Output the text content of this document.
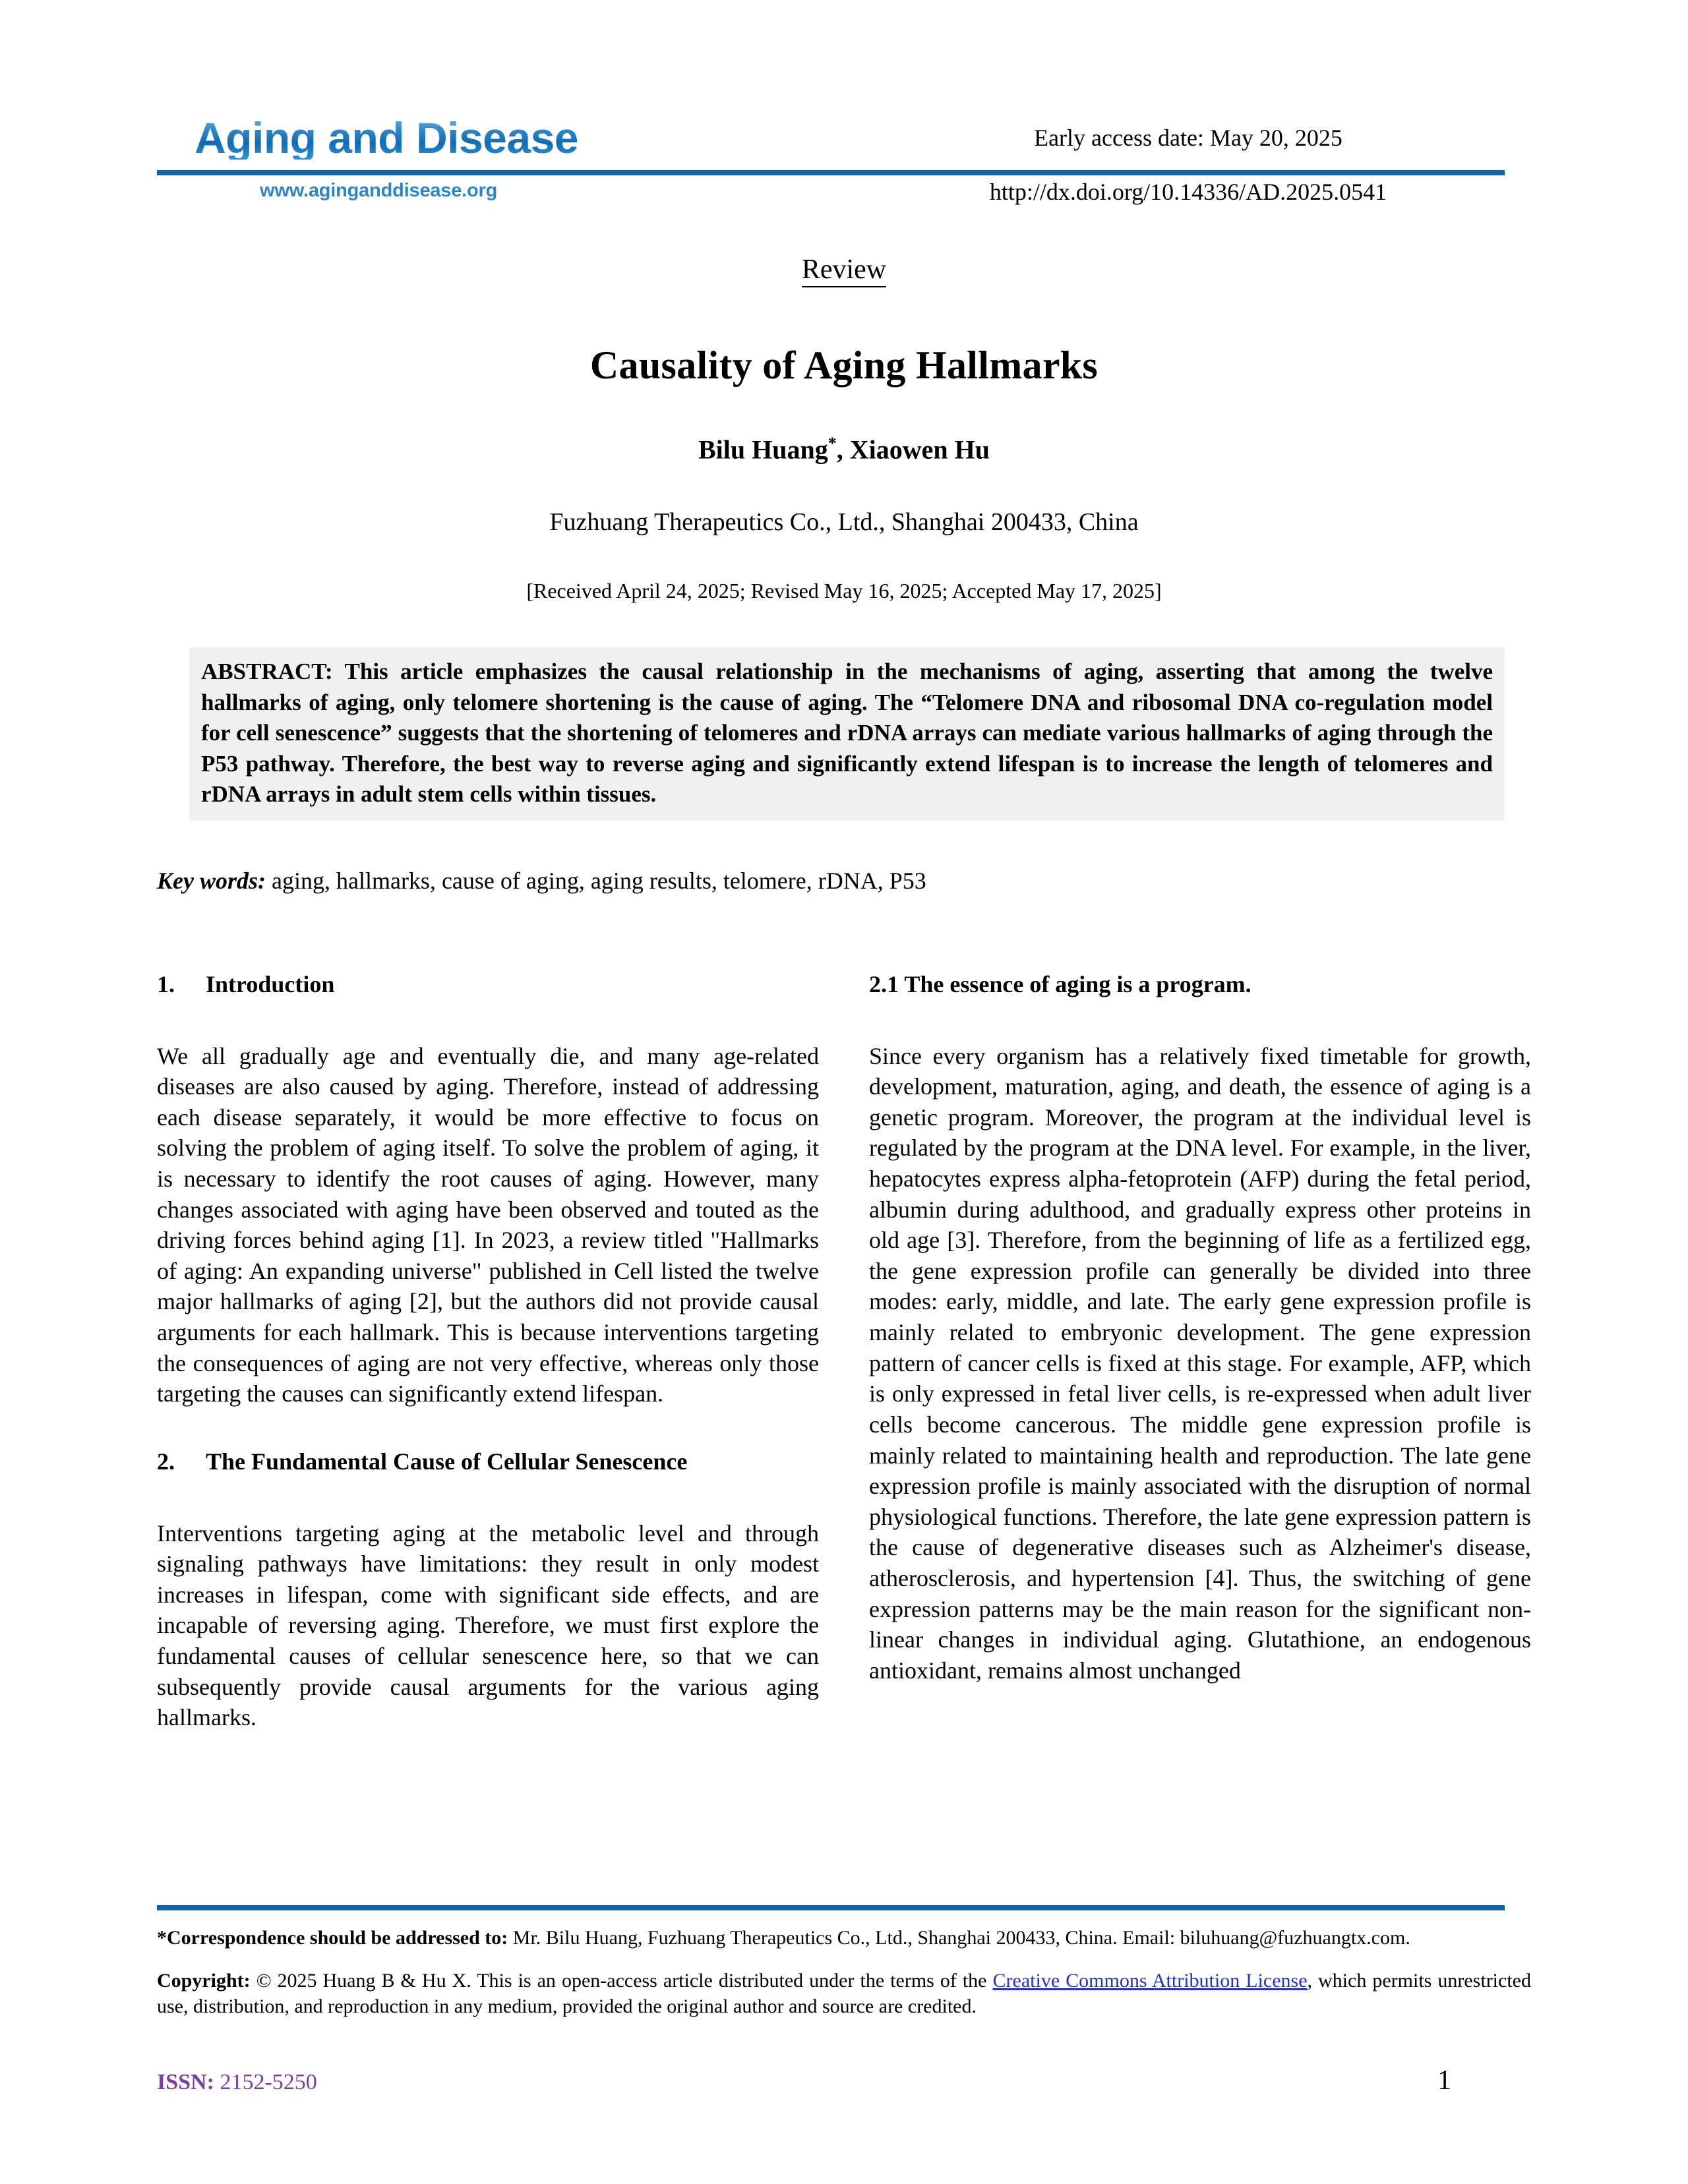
Aging and Disease
www.aginganddisease.org
Early access date: May 20, 2025
http://dx.doi.org/10.14336/AD.2025.0541
Review
Causality of Aging Hallmarks
Bilu Huang*, Xiaowen Hu
Fuzhuang Therapeutics Co., Ltd., Shanghai 200433, China
[Received April 24, 2025; Revised May 16, 2025; Accepted May 17, 2025]
ABSTRACT: This article emphasizes the causal relationship in the mechanisms of aging, asserting that among the twelve hallmarks of aging, only telomere shortening is the cause of aging. The “Telomere DNA and ribosomal DNA co-regulation model for cell senescence” suggests that the shortening of telomeres and rDNA arrays can mediate various hallmarks of aging through the P53 pathway. Therefore, the best way to reverse aging and significantly extend lifespan is to increase the length of telomeres and rDNA arrays in adult stem cells within tissues.
Key words: aging, hallmarks, cause of aging, aging results, telomere, rDNA, P53
1. Introduction

We all gradually age and eventually die, and many age-related diseases are also caused by aging. Therefore, instead of addressing each disease separately, it would be more effective to focus on solving the problem of aging itself. To solve the problem of aging, it is necessary to identify the root causes of aging. However, many changes associated with aging have been observed and touted as the driving forces behind aging [1]. In 2023, a review titled "Hallmarks of aging: An expanding universe" published in Cell listed the twelve major hallmarks of aging [2], but the authors did not provide causal arguments for each hallmark. This is because interventions targeting the consequences of aging are not very effective, whereas only those targeting the causes can significantly extend lifespan.

2. The Fundamental Cause of Cellular Senescence

Interventions targeting aging at the metabolic level and through signaling pathways have limitations: they result in only modest increases in lifespan, come with significant side effects, and are incapable of reversing aging. Therefore, we must first explore the fundamental causes of cellular senescence here, so that we can subsequently provide causal arguments for the various aging hallmarks.

2.1 The essence of aging is a program.

Since every organism has a relatively fixed timetable for growth, development, maturation, aging, and death, the essence of aging is a genetic program. Moreover, the program at the individual level is regulated by the program at the DNA level. For example, in the liver, hepatocytes express alpha-fetoprotein (AFP) during the fetal period, albumin during adulthood, and gradually express other proteins in old age [3]. Therefore, from the beginning of life as a fertilized egg, the gene expression profile can generally be divided into three modes: early, middle, and late. The early gene expression profile is mainly related to embryonic development. The gene expression pattern of cancer cells is fixed at this stage. For example, AFP, which is only expressed in fetal liver cells, is re-expressed when adult liver cells become cancerous. The middle gene expression profile is mainly related to maintaining health and reproduction. The late gene expression profile is mainly associated with the disruption of normal physiological functions. Therefore, the late gene expression pattern is the cause of degenerative diseases such as Alzheimer's disease, atherosclerosis, and hypertension [4]. Thus, the switching of gene expression patterns may be the main reason for the significant non-linear changes in individual aging. Glutathione, an endogenous antioxidant, remains almost unchanged

*Correspondence should be addressed to: Mr. Bilu Huang, Fuzhuang Therapeutics Co., Ltd., Shanghai 200433, China. Email: biluhuang@fuzhuangtx.com.

Copyright: © 2025 Huang B & Hu X. This is an open-access article distributed under the terms of the Creative Commons Attribution License, which permits unrestricted use, distribution, and reproduction in any medium, provided the original author and source are credited.

ISSN: 2152-5250	1
